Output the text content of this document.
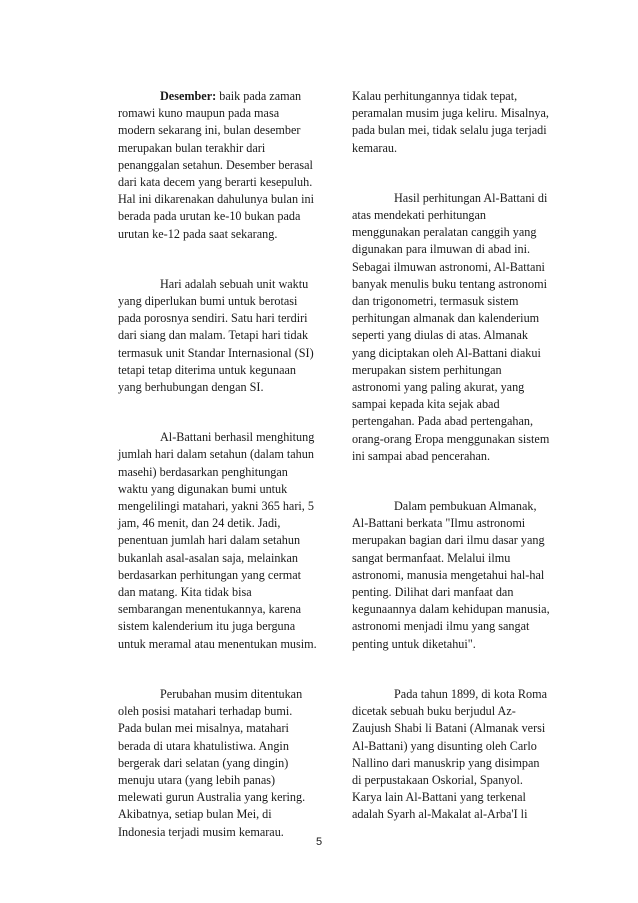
Desember: baik pada zaman romawi kuno maupun pada masa modern sekarang ini, bulan desember merupakan bulan terakhir dari penanggalan setahun. Desember berasal dari kata decem yang berarti kesepuluh. Hal ini dikarenakan dahulunya bulan ini berada pada urutan ke-10 bukan pada urutan ke-12 pada saat sekarang.

Hari adalah sebuah unit waktu yang diperlukan bumi untuk berotasi pada porosnya sendiri. Satu hari terdiri dari siang dan malam. Tetapi hari tidak termasuk unit Standar Internasional (SI) tetapi tetap diterima untuk kegunaan yang berhubungan dengan SI.

Al-Battani berhasil menghitung jumlah hari dalam setahun (dalam tahun masehi) berdasarkan penghitungan waktu yang digunakan bumi untuk mengelilingi matahari, yakni 365 hari, 5 jam, 46 menit, dan 24 detik. Jadi, penentuan jumlah hari dalam setahun bukanlah asal-asalan saja, melainkan berdasarkan perhitungan yang cermat dan matang. Kita tidak bisa sembarangan menentukannya, karena sistem kalenderium itu juga berguna untuk meramal atau menentukan musim.

Perubahan musim ditentukan oleh posisi matahari terhadap bumi. Pada bulan mei misalnya, matahari berada di utara khatulistiwa. Angin bergerak dari selatan (yang dingin) menuju utara (yang lebih panas) melewati gurun Australia yang kering. Akibatnya, setiap bulan Mei, di Indonesia terjadi musim kemarau.

Kalau perhitungannya tidak tepat, peramalan musim juga keliru. Misalnya, pada bulan mei, tidak selalu juga terjadi kemarau.

Hasil perhitungan Al-Battani di atas mendekati perhitungan menggunakan peralatan canggih yang digunakan para ilmuwan di abad ini. Sebagai ilmuwan astronomi, Al-Battani banyak menulis buku tentang astronomi dan trigonometri, termasuk sistem perhitungan almanak dan kalenderium seperti yang diulas di atas. Almanak yang diciptakan oleh Al-Battani diakui merupakan sistem perhitungan astronomi yang paling akurat, yang sampai kepada kita sejak abad pertengahan. Pada abad pertengahan, orang-orang Eropa menggunakan sistem ini sampai abad pencerahan.

Dalam pembukuan Almanak, Al-Battani berkata "Ilmu astronomi merupakan bagian dari ilmu dasar yang sangat bermanfaat. Melalui ilmu astronomi, manusia mengetahui hal-hal penting. Dilihat dari manfaat dan kegunaannya dalam kehidupan manusia, astronomi menjadi ilmu yang sangat penting untuk diketahui".

Pada tahun 1899, di kota Roma dicetak sebuah buku berjudul Az-Zaujush Shabi li Batani (Almanak versi Al-Battani) yang disunting oleh Carlo Nallino dari manuskrip yang disimpan di perpustakaan Oskorial, Spanyol. Karya lain Al-Battani yang terkenal adalah Syarh al-Makalat al-Arba'I li

5
